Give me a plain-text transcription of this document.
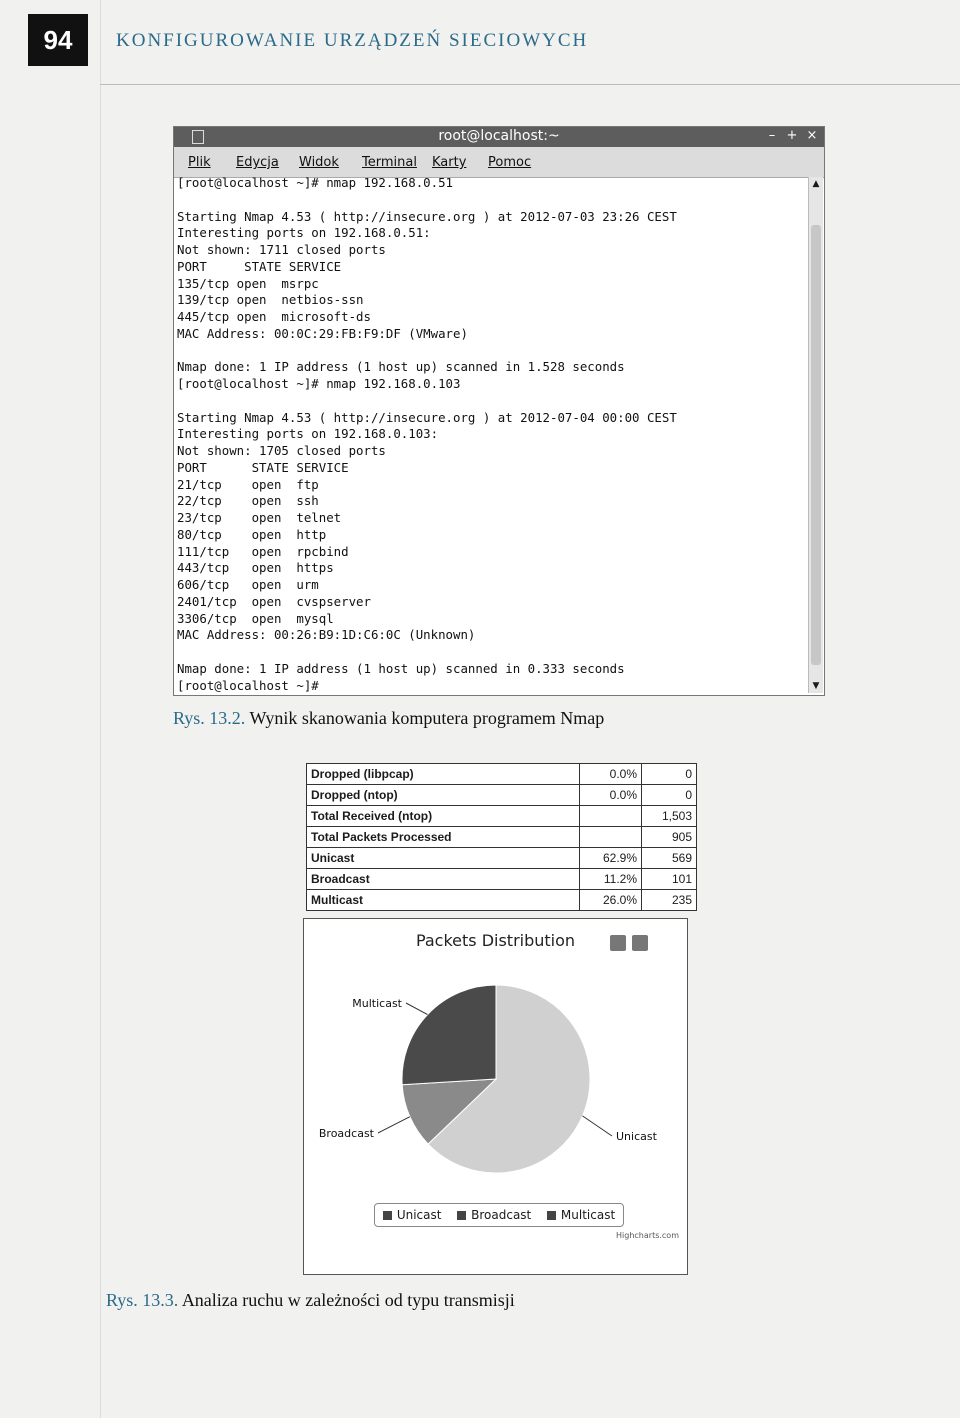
94	KONFIGUROWANIE URZĄDZEŃ SIECIOWYCH
root@localhost:~	– + ×
Plik Edycja Widok Terminal Karty Pomoc
[root@localhost ~]# nmap 192.168.0.51

Starting Nmap 4.53 ( http://insecure.org ) at 2012-07-03 23:26 CEST
Interesting ports on 192.168.0.51:
Not shown: 1711 closed ports
PORT     STATE SERVICE
135/tcp open  msrpc
139/tcp open  netbios-ssn
445/tcp open  microsoft-ds
MAC Address: 00:0C:29:FB:F9:DF (VMware)

Nmap done: 1 IP address (1 host up) scanned in 1.528 seconds
[root@localhost ~]# nmap 192.168.0.103

Starting Nmap 4.53 ( http://insecure.org ) at 2012-07-04 00:00 CEST
Interesting ports on 192.168.0.103:
Not shown: 1705 closed ports
PORT      STATE SERVICE
21/tcp    open  ftp
22/tcp    open  ssh
23/tcp    open  telnet
80/tcp    open  http
111/tcp   open  rpcbind
443/tcp   open  https
606/tcp   open  urm
2401/tcp  open  cvspserver
3306/tcp  open  mysql
MAC Address: 00:26:B9:1D:C6:0C (Unknown)

Nmap done: 1 IP address (1 host up) scanned in 0.333 seconds
[root@localhost ~]#
▲
▼
Rys. 13.2. Wynik skanowania komputera programem Nmap
Dropped (libpcap)	0.0%	0
Dropped (ntop)	0.0%	0
Total Received (ntop)		1,503
Total Packets Processed		905
Unicast	62.9%	569
Broadcast	11.2%	101
Multicast	26.0%	235
Packets Distribution
Unicast
Broadcast
Multicast
Unicast Broadcast Multicast
Highcharts.com
Rys. 13.3. Analiza ruchu w zależności od typu transmisji
